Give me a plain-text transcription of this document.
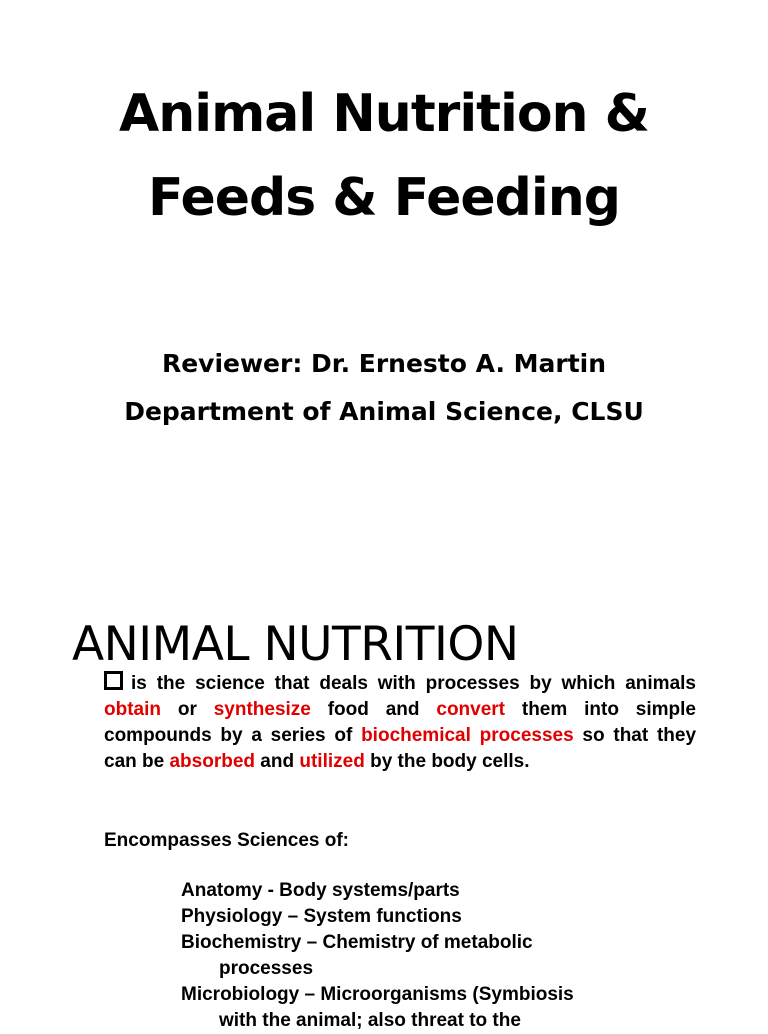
Animal Nutrition &
Feeds & Feeding
Reviewer: Dr. Ernesto A. Martin
Department of Animal Science, CLSU
ANIMAL NUTRITION
is the science that deals with processes by which animals obtain or synthesize food and convert them into simple compounds by a series of biochemical processes so that they can be absorbed and utilized by the body cells.
Encompasses Sciences of:
Anatomy - Body systems/parts
Physiology – System functions
Biochemistry – Chemistry of metabolic
processes
Microbiology – Microorganisms (Symbiosis
with the animal; also threat to the
